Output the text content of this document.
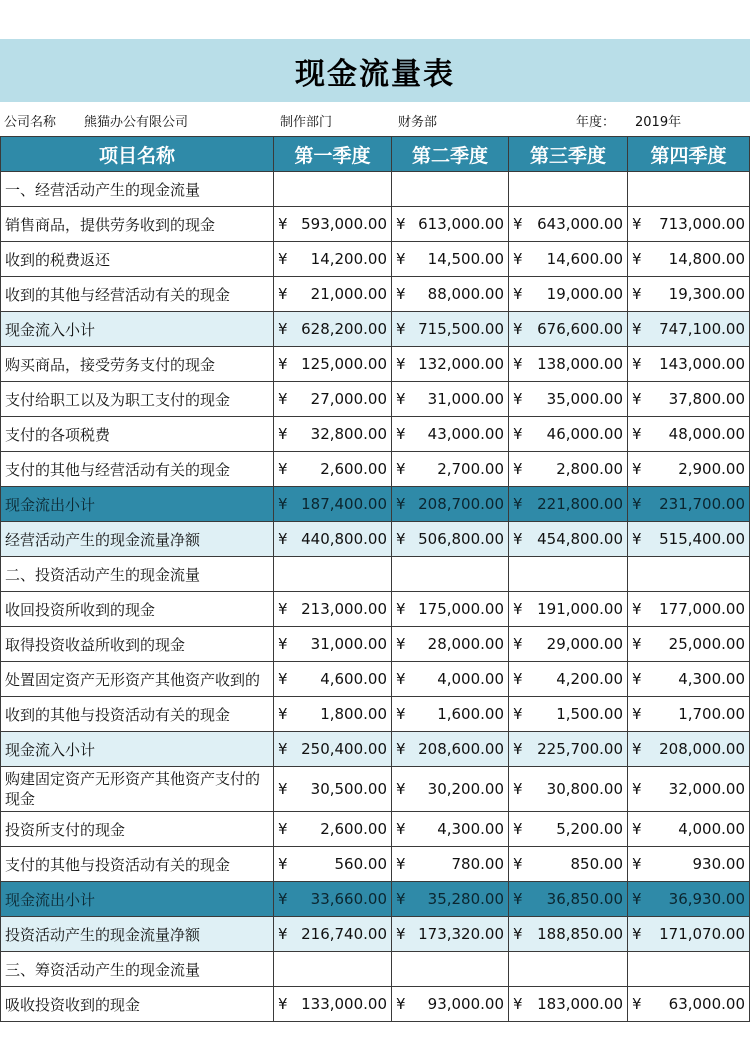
现金流量表
公司名称 熊猫办公有限公司	制作部门	财务部	年度： 2019年
项目名称	第一季度	第二季度	第三季度	第四季度
一、经营活动产生的现金流量				
销售商品，提供劳务收到的现金	¥ 593,000.00	¥ 613,000.00	¥ 643,000.00	¥ 713,000.00

收到的税费返还	¥ 14,200.00	¥ 14,500.00	¥ 14,600.00	¥ 14,800.00

收到的其他与经营活动有关的现金	¥ 21,000.00	¥ 88,000.00	¥ 19,000.00	¥ 19,300.00

现金流入小计	¥ 628,200.00	¥ 715,500.00	¥ 676,600.00	¥ 747,100.00

购买商品，接受劳务支付的现金	¥ 125,000.00	¥ 132,000.00	¥ 138,000.00	¥ 143,000.00

支付给职工以及为职工支付的现金	¥ 27,000.00	¥ 31,000.00	¥ 35,000.00	¥ 37,800.00

支付的各项税费	¥ 32,800.00	¥ 43,000.00	¥ 46,000.00	¥ 48,000.00

支付的其他与经营活动有关的现金	¥ 2,600.00	¥ 2,700.00	¥ 2,800.00	¥ 2,900.00

现金流出小计	¥ 187,400.00	¥ 208,700.00	¥ 221,800.00	¥ 231,700.00

经营活动产生的现金流量净额	¥ 440,800.00	¥ 506,800.00	¥ 454,800.00	¥ 515,400.00

二、投资活动产生的现金流量				
收回投资所收到的现金	¥ 213,000.00	¥ 175,000.00	¥ 191,000.00	¥ 177,000.00

取得投资收益所收到的现金	¥ 31,000.00	¥ 28,000.00	¥ 29,000.00	¥ 25,000.00

处置固定资产无形资产其他资产收到的	¥ 4,600.00	¥ 4,000.00	¥ 4,200.00	¥ 4,300.00

收到的其他与投资活动有关的现金	¥ 1,800.00	¥ 1,600.00	¥ 1,500.00	¥ 1,700.00

现金流入小计	¥ 250,400.00	¥ 208,600.00	¥ 225,700.00	¥ 208,000.00

购建固定资产无形资产其他资产支付的现金	¥ 30,500.00	¥ 30,200.00	¥ 30,800.00	¥ 32,000.00

投资所支付的现金	¥ 2,600.00	¥ 4,300.00	¥ 5,200.00	¥ 4,000.00

支付的其他与投资活动有关的现金	¥ 560.00	¥ 780.00	¥ 850.00	¥ 930.00

现金流出小计	¥ 33,660.00	¥ 35,280.00	¥ 36,850.00	¥ 36,930.00

投资活动产生的现金流量净额	¥ 216,740.00	¥ 173,320.00	¥ 188,850.00	¥ 171,070.00

三、筹资活动产生的现金流量				
吸收投资收到的现金	¥ 133,000.00	¥ 93,000.00	¥ 183,000.00	¥ 63,000.00
